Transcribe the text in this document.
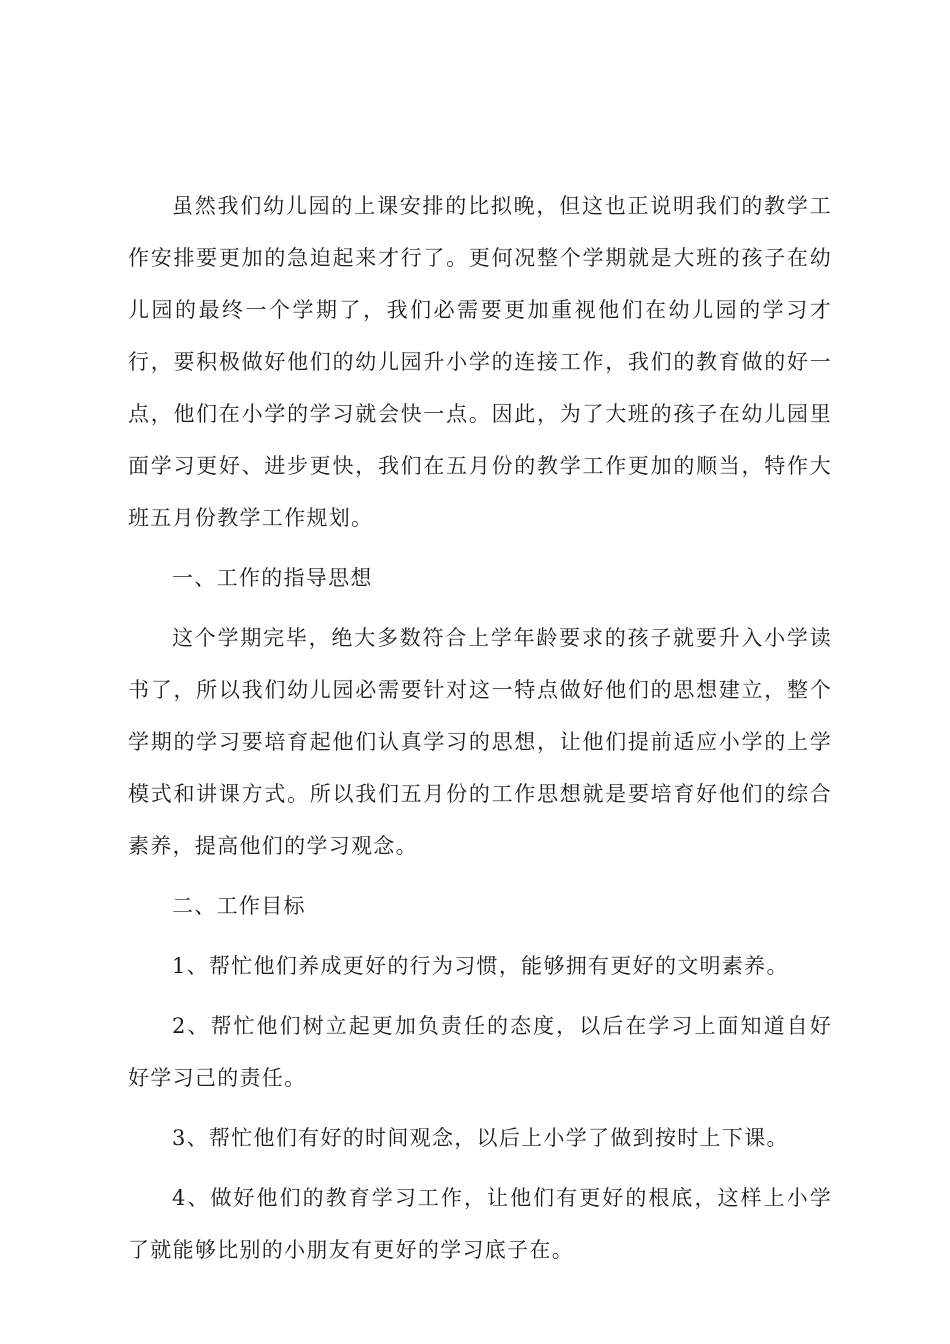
虽然我们幼儿园的上课安排的比拟晚，但这也正说明我们的教学工作安排要更加的急迫起来才行了。更何况整个学期就是大班的孩子在幼儿园的最终一个学期了，我们必需要更加重视他们在幼儿园的学习才行，要积极做好他们的幼儿园升小学的连接工作，我们的教育做的好一点，他们在小学的学习就会快一点。因此，为了大班的孩子在幼儿园里面学习更好、进步更快，我们在五月份的教学工作更加的顺当，特作大班五月份教学工作规划。

一、工作的指导思想

这个学期完毕，绝大多数符合上学年龄要求的孩子就要升入小学读书了，所以我们幼儿园必需要针对这一特点做好他们的思想建立，整个学期的学习要培育起他们认真学习的思想，让他们提前适应小学的上学模式和讲课方式。所以我们五月份的工作思想就是要培育好他们的综合素养，提高他们的学习观念。

二、工作目标

1、帮忙他们养成更好的行为习惯，能够拥有更好的文明素养。

2、帮忙他们树立起更加负责任的态度，以后在学习上面知道自好好学习己的责任。

3、帮忙他们有好的时间观念，以后上小学了做到按时上下课。

4、做好他们的教育学习工作，让他们有更好的根底，这样上小学了就能够比别的小朋友有更好的学习底子在。
